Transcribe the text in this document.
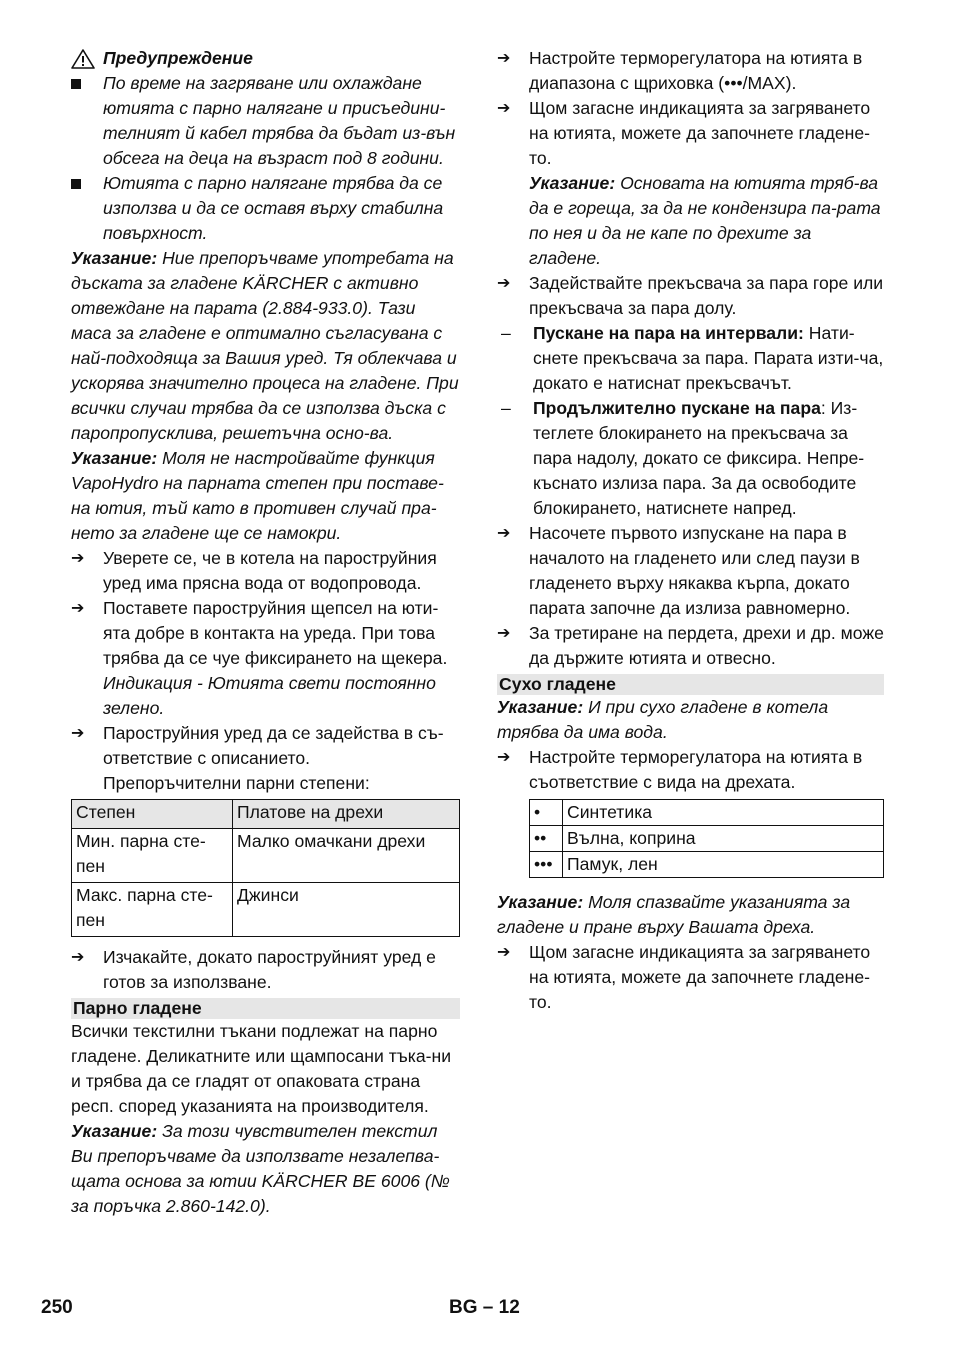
Предупреждение
По време на загряване или охлаждане ютията с парно налягане и присъедини-телният й кабел трябва да бъдат из-вън обсега на деца на възраст под 8 години.
Ютията с парно налягане трябва да се използва и да се оставя върху стабилна повърхност.

Указание: Ние препоръчваме употребата на дъската за гладене KÄRCHER с активно отвеждане на парата (2.884-933.0). Тази маса за гладене е оптимално съгласувана с най-подходяща за Вашия уред. Тя облекчава и ускорява значително процеса на гладене. При всички случаи трябва да се използва дъска с паропропусклива, решетъчна осно-ва.

Указание: Моля не настройвайте функция VapoHydro на парната степен при поставе-на ютия, тъй като в противен случай пра-нето за гладене ще се намокри.

➔	Уверете се, че в котела на пароструйния уред има прясна вода от водопровода.
➔	Поставете пароструйния щепсел на юти-ята добре в контакта на уреда. При това трябва да се чуе фиксирането на щекера.
Индикация - Ютията свети постоянно зелено.
➔	Пароструйния уред да се задейства в съ-ответствие с описанието.
Препоръчителни парни степени:
Степен	Платове на дрехи
Мин. парна сте-пен	Малко омачкани дрехи
Макс. парна сте-пен	Джинси
➔	Изчакайте, докато пароструйният уред е готов за използване.
Парно гладене

Всички текстилни тъкани подлежат на парно гладене. Деликатните или щампосани тъка-ни и трябва да се гладят от опаковата страна респ. според указанията на производителя.

Указание: За този чувствителен текстил Ви препоръчваме да използвате незалепва-щата основа за ютии KÄRCHER BE 6006 (№ за поръчка 2.860-142.0).

➔	Настройте терморегулатора на ютията в диапазона с щриховка (•••/MAX).
➔	Щом загасне индикацията за загряването на ютията, можете да започнете гладене-то.

Указание: Основата на ютията тряб-ва да е гореща, за да не кондензира па-рата по нея и да не капе по дрехите за гладене.

➔	Задействайте прекъсвача за пара горе или прекъсвача за пара долу.
–	Пускане на пара на интервали: Нати-снете прекъсвача за пара. Парата изти-ча, докато е натиснат прекъсвачът.
–	Продължително пускане на пара: Из-теглете блокирането на прекъсвача за пара надолу, докато се фиксира. Непре-къснато излиза пара. За да освободите блокирането, натиснете напред.
➔	Насочете първото изпускане на пара в началото на гладенето или след паузи в гладенето върху някаква кърпа, докато парата започне да излиза равномерно.
➔	За третиране на пердета, дрехи и др. може да държите ютията и отвесно.
Сухо гладене

Указание: И при сухо гладене в котела трябва да има вода.

➔	Настройте терморегулатора на ютията в съответствие с вида на дрехата.
•	Синтетика
••	Вълна, коприна
•••	Памук, лен

Указание: Моля спазвайте указанията за гладене и пране върху Вашата дреха.

➔	Щом загасне индикацията за загряването на ютията, можете да започнете гладене-то.
250	BG – 12
